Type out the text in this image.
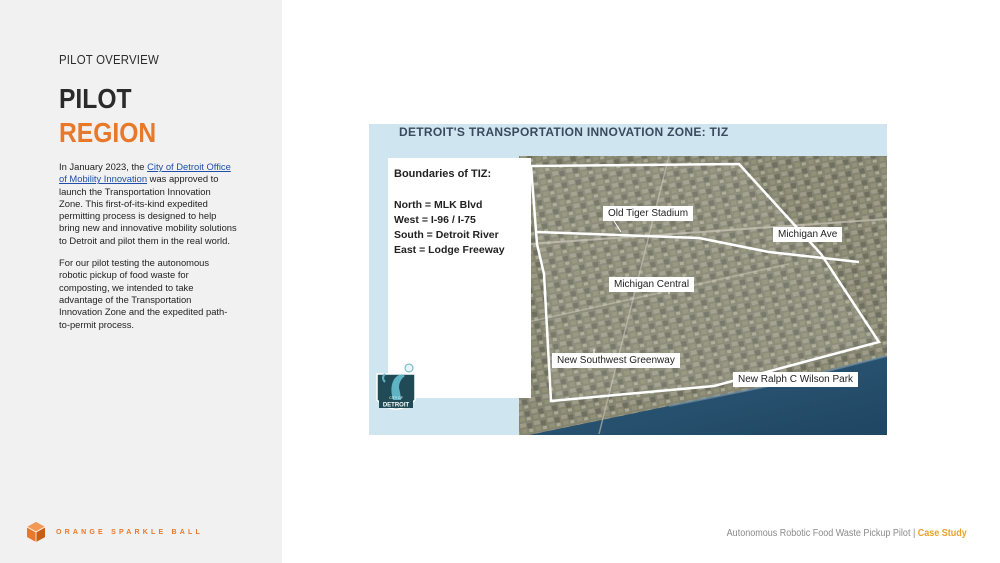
PILOT OVERVIEW
PILOT
REGION

In January 2023, the City of Detroit Office of Mobility Innovation was approved to launch the Transportation Innovation Zone. This first-of-its-kind expedited permitting process is designed to help bring new and innovative mobility solutions to Detroit and pilot them in the real world.

For our pilot testing the autonomous robotic pickup of food waste for composting, we intended to take advantage of the Transportation Innovation Zone and the expedited path-to-permit process.

ORANGE SPARKLE BALL
DETROIT'S TRANSPORTATION INNOVATION ZONE: TIZ
Boundaries of TIZ:
North = MLK Blvd
West = I-96 / I-75
South = Detroit River
East = Lodge Freeway
Old Tiger Stadium
Michigan Ave
Michigan Central
New Southwest Greenway
New Ralph C Wilson Park
CITY OF
DETROIT
Autonomous Robotic Food Waste Pickup Pilot | Case Study
